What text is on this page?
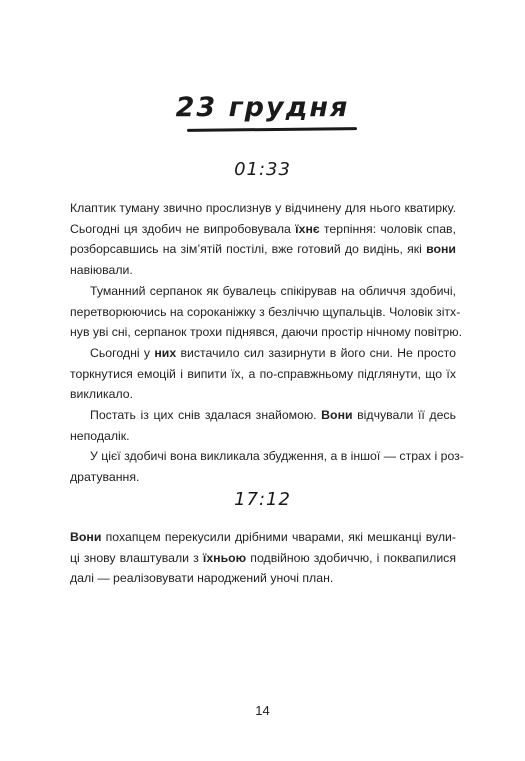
23 грудня
01:33
Клаптик туману звично прослизнув у відчинену для нього кватирку.
Сьогодні ця здобич не випробовувала їхнє терпіння: чоловік спав,
розборсавшись на зім’ятій постілі, вже готовий до видінь, які вони
навіювали.
Туманний серпанок як бувалець спікірував на обличчя здобичі,
перетворюючись на сороканіжку з безліччю щупальців. Чоловік зітх-
нув уві сні, серпанок трохи піднявся, даючи простір нічному повітрю.
Сьогодні у них вистачило сил зазирнути в його сни. Не просто
торкнутися емоцій і випити їх, а по-справжньому підглянути, що їх
викликало.
Постать із цих снів здалася знайомою. Вони відчували її десь
неподалік.
У цієї здобичі вона викликала збудження, а в іншої — страх і роз-
дратування.
17:12
Вони похапцем перекусили дрібними чварами, які мешканці вули-
ці знову влаштували з їхньою подвійною здобиччю, і поквапилися
далі — реалізовувати народжений уночі план.
14
